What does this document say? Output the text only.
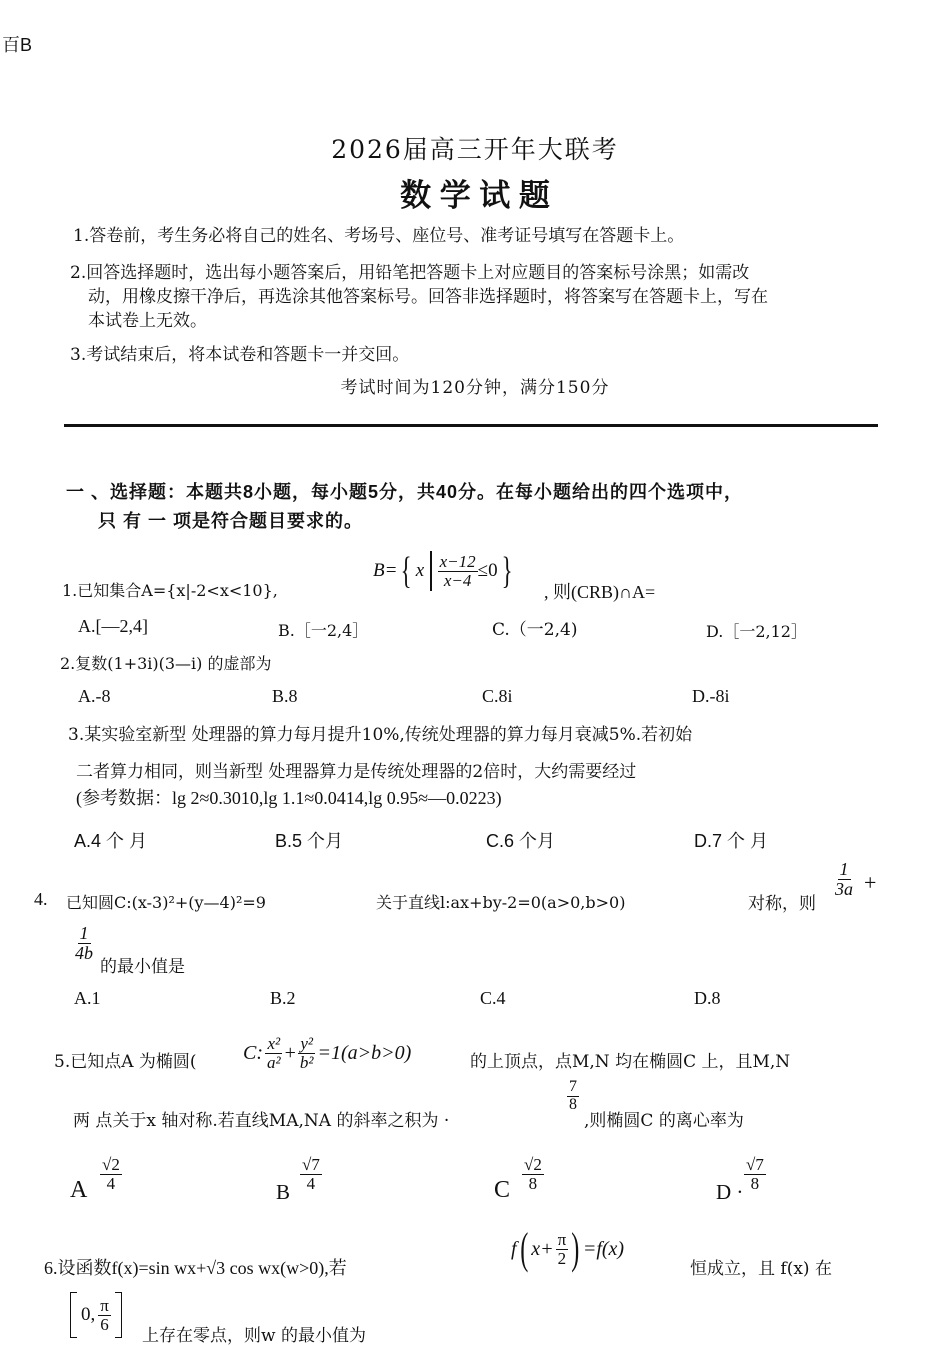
百B
2026届高三开年大联考
数 学 试 题
1.答卷前，考生务必将自己的姓名、考场号、座位号、准考证号填写在答题卡上。
2.回答选择题时，选出每小题答案后，用铅笔把答题卡上对应题目的答案标号涂黑；如需改
动，用橡皮擦干净后，再选涂其他答案标号。回答非选择题时，将答案写在答题卡上，写在
本试卷上无效。
3.考试结束后，将本试卷和答题卡一并交回。
考试时间为120分钟，满分150分
一 、选择题：本题共8小题，每小题5分，共40分。在每小题给出的四个选项中，
只 有 一 项是符合题目要求的。
1.已知集合A={x|-2<x<10},
B= { x $\frac{x-12}{x-4} \le 0$ } , 则(CRB)∩A=
A.[—2,4]	B.［一2,4］	C.（一2,4)	D.［一2,12］
2.复数(1+3i)(3—i) 的虚部为
A.-8	B.8	C.8i	D.-8i
3.某实验室新型 处理器的算力每月提升10%,传统处理器的算力每月衰减5%.若初始
二者算力相同，则当新型 处理器算力是传统处理器的2倍时，大约需要经过
(参考数据：lg 2≈0.3010,lg 1.1≈0.0414,lg 0.95≈—0.0223)
A.4 个 月	B.5 个月	C.6 个月	D.7 个 月
4. 已知圆C:(x-3)²+(y—4)²=9	关于直线l:ax+by-2=0(a>0,b>0)	对称，则
$\frac{1}{3a}$ +
$\frac{1}{4b}$
的最小值是
A.1	B.2	C.4	D.8
5.已知点A 为椭圆( C: $\frac{\text{x²}}{\text{a²}} + \frac{\text{y²}}{\text{b²}} =1(a>b>0)$	的上顶点，点M,N 均在椭圆C 上，且M,N
两 点关于x 轴对称.若直线MA,NA 的斜率之积为 ·
$\frac{7}{8}$
,则椭圆C 的离心率为
A $\frac{√2}{4}$	B $\frac{√7}{4}$	C $\frac{√2}{8}$	$D \cdot \frac{√7}{8}$
6.设函数f(x)=sin wx+√3 cos wx(w>0),若
f ( $x+ \frac{\pi}{2}$ ) =f(x)
恒成立，且 f(x) 在
0, $\frac{\pi}{6}$
上存在零点，则w 的最小值为
